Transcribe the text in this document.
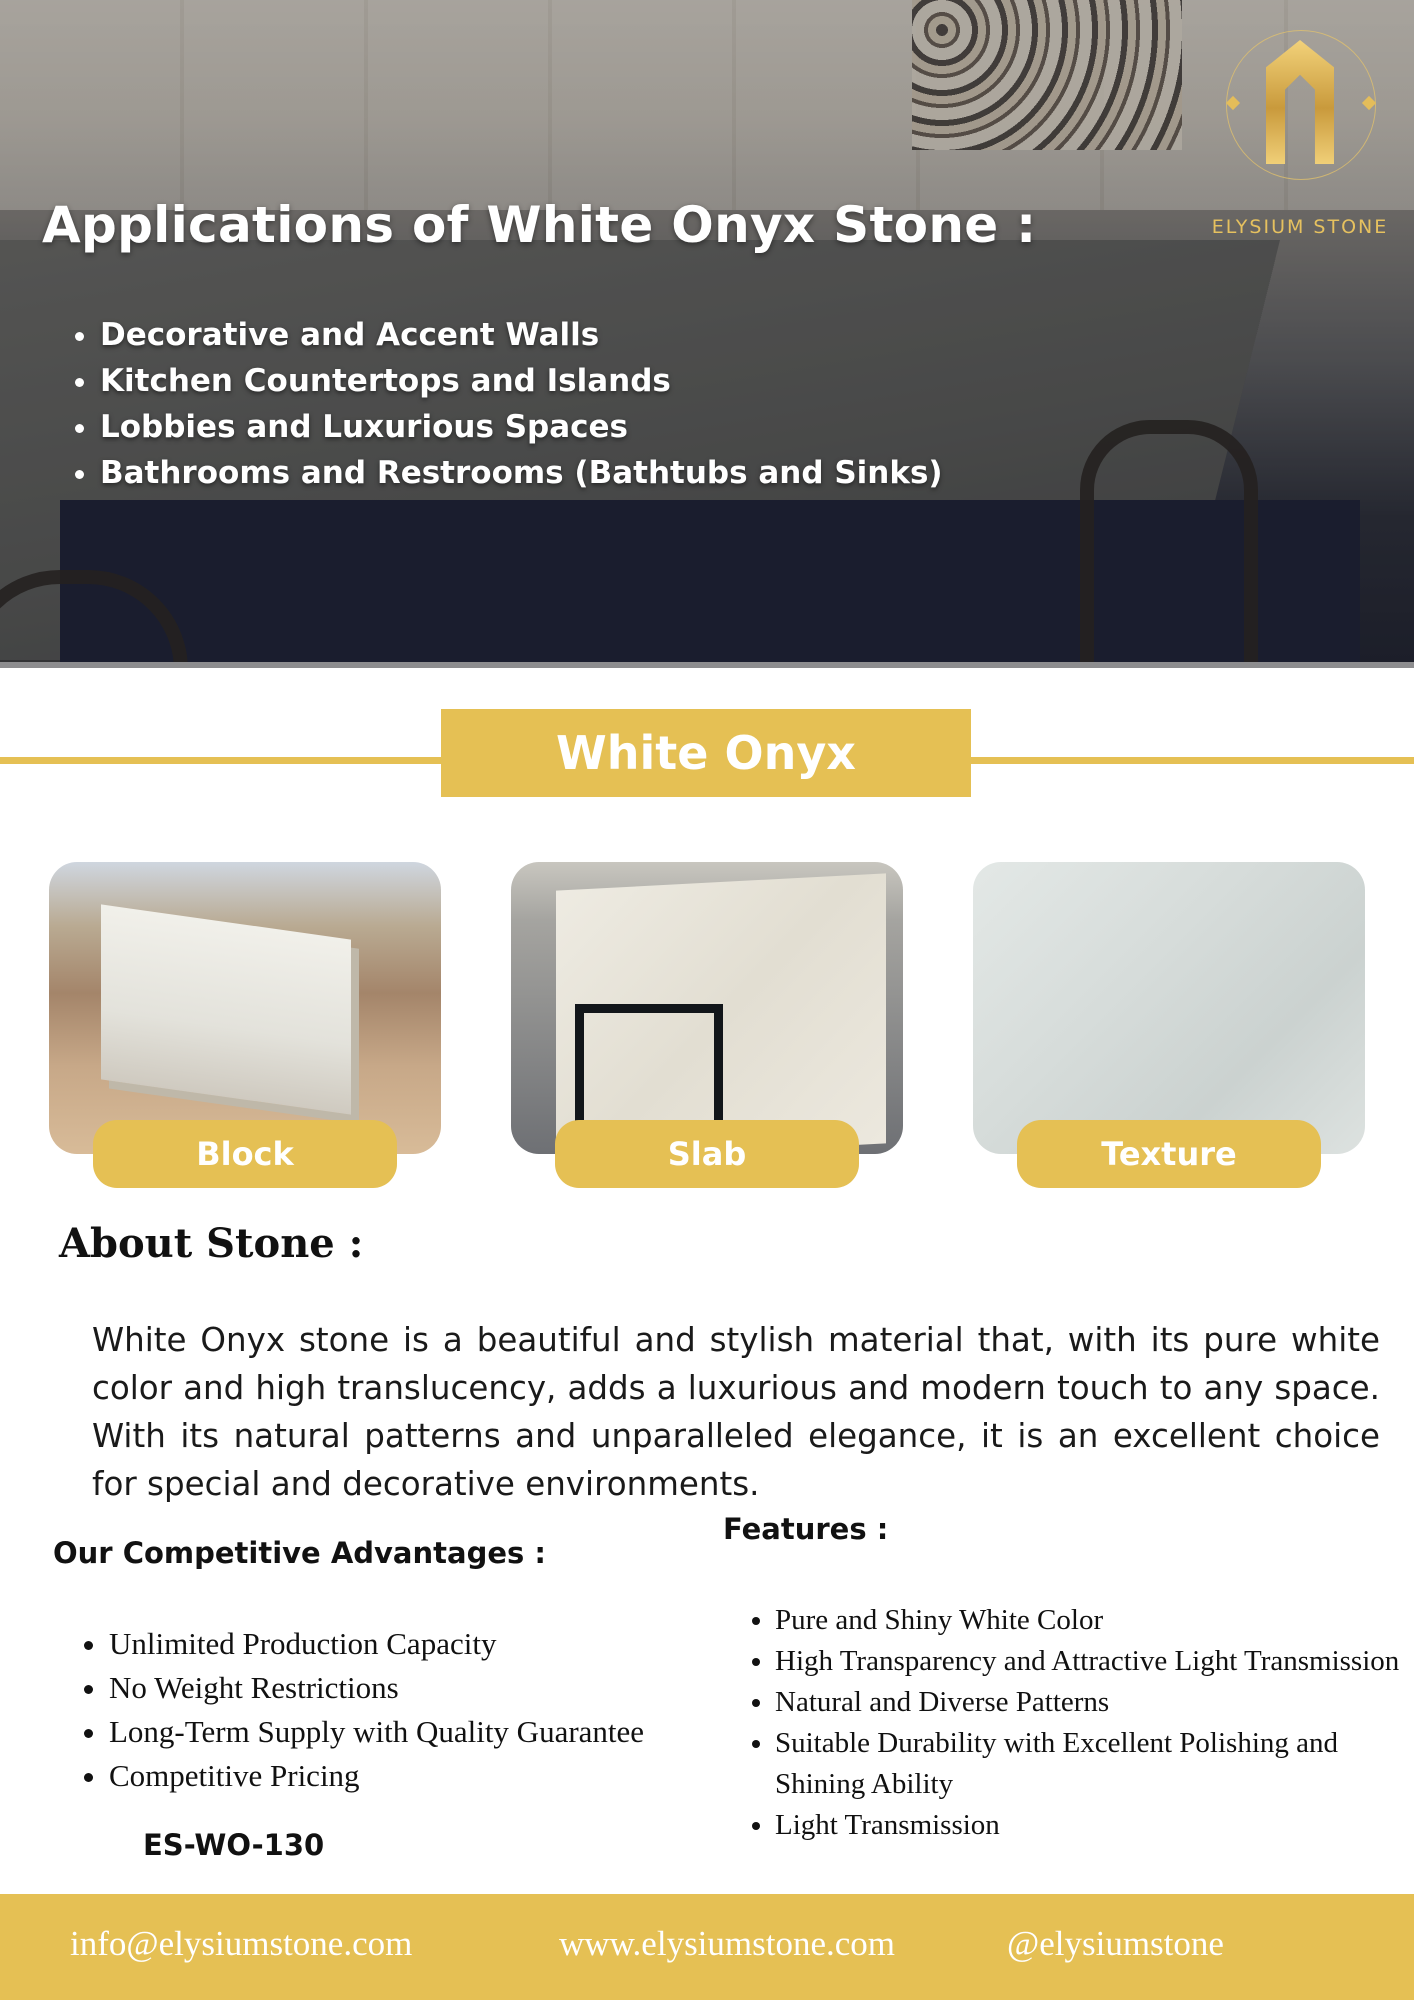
Applications of White Onyx Stone :
• Decorative and Accent Walls
• Kitchen Countertops and Islands
• Lobbies and Luxurious Spaces
• Bathrooms and Restrooms (Bathtubs and Sinks)
ELYSIUM STONE
White Onyx
Block	Slab	Texture
About Stone :

White Onyx stone is a beautiful and stylish material that, with its pure white color and high translucency, adds a luxurious and modern touch to any space. With its natural patterns and unparalleled elegance, it is an excellent choice for special and decorative environments.

Our Competitive Advantages :
• Unlimited Production Capacity
• No Weight Restrictions
• Long-Term Supply with Quality Guarantee
• Competitive Pricing

ES-WO-130

Features :
• Pure and Shiny White Color
• High Transparency and Attractive Light Transmission
• Natural and Diverse Patterns
• Suitable Durability with Excellent Polishing and Shining Ability
• Light Transmission
info@elysiumstone.com	www.elysiumstone.com	@elysiumstone
